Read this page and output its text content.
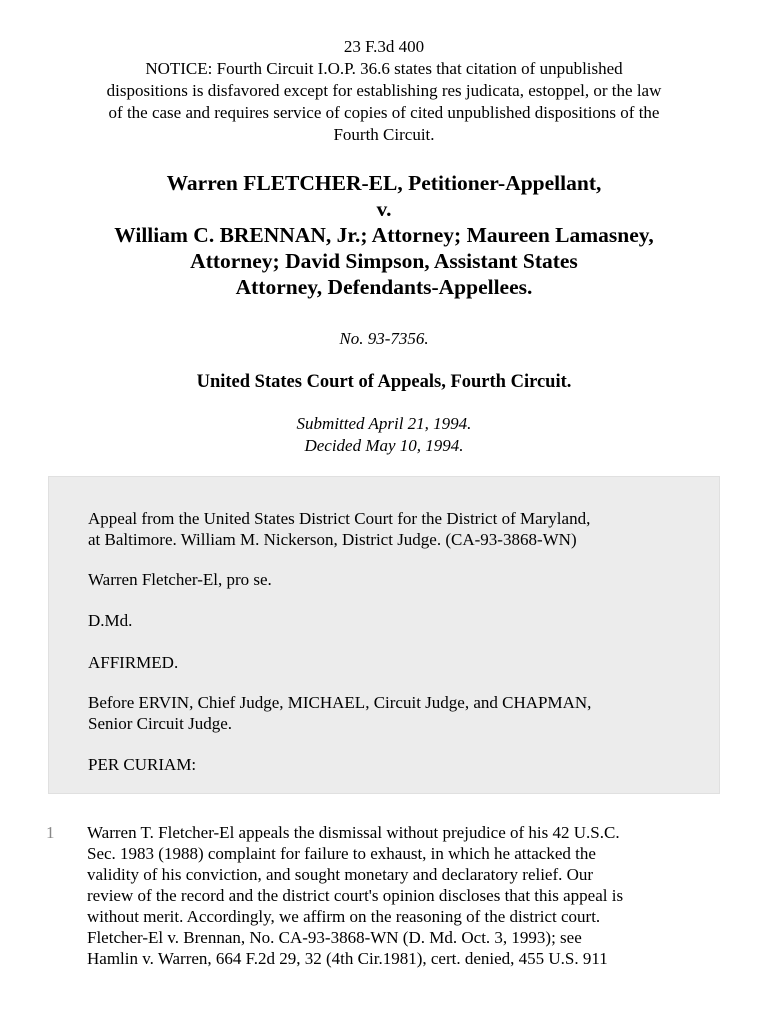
23 F.3d 400
NOTICE: Fourth Circuit I.O.P. 36.6 states that citation of unpublished
dispositions is disfavored except for establishing res judicata, estoppel, or the law
of the case and requires service of copies of cited unpublished dispositions of the
Fourth Circuit.
Warren FLETCHER-EL, Petitioner-Appellant,
v.
William C. BRENNAN, Jr.; Attorney; Maureen Lamasney,
Attorney; David Simpson, Assistant States
Attorney, Defendants-Appellees.
No. 93-7356.
United States Court of Appeals, Fourth Circuit.
Submitted April 21, 1994.
Decided May 10, 1994.

Appeal from the United States District Court for the District of Maryland,
at Baltimore. William M. Nickerson, District Judge. (CA-93-3868-WN)

Warren Fletcher-El, pro se.

D.Md.

AFFIRMED.

Before ERVIN, Chief Judge, MICHAEL, Circuit Judge, and CHAPMAN,
Senior Circuit Judge.

PER CURIAM:

1 Warren T. Fletcher-El appeals the dismissal without prejudice of his 42 U.S.C.
Sec. 1983 (1988) complaint for failure to exhaust, in which he attacked the
validity of his conviction, and sought monetary and declaratory relief. Our
review of the record and the district court's opinion discloses that this appeal is
without merit. Accordingly, we affirm on the reasoning of the district court.
Fletcher-El v. Brennan, No. CA-93-3868-WN (D. Md. Oct. 3, 1993); see
Hamlin v. Warren, 664 F.2d 29, 32 (4th Cir.1981), cert. denied, 455 U.S. 911
